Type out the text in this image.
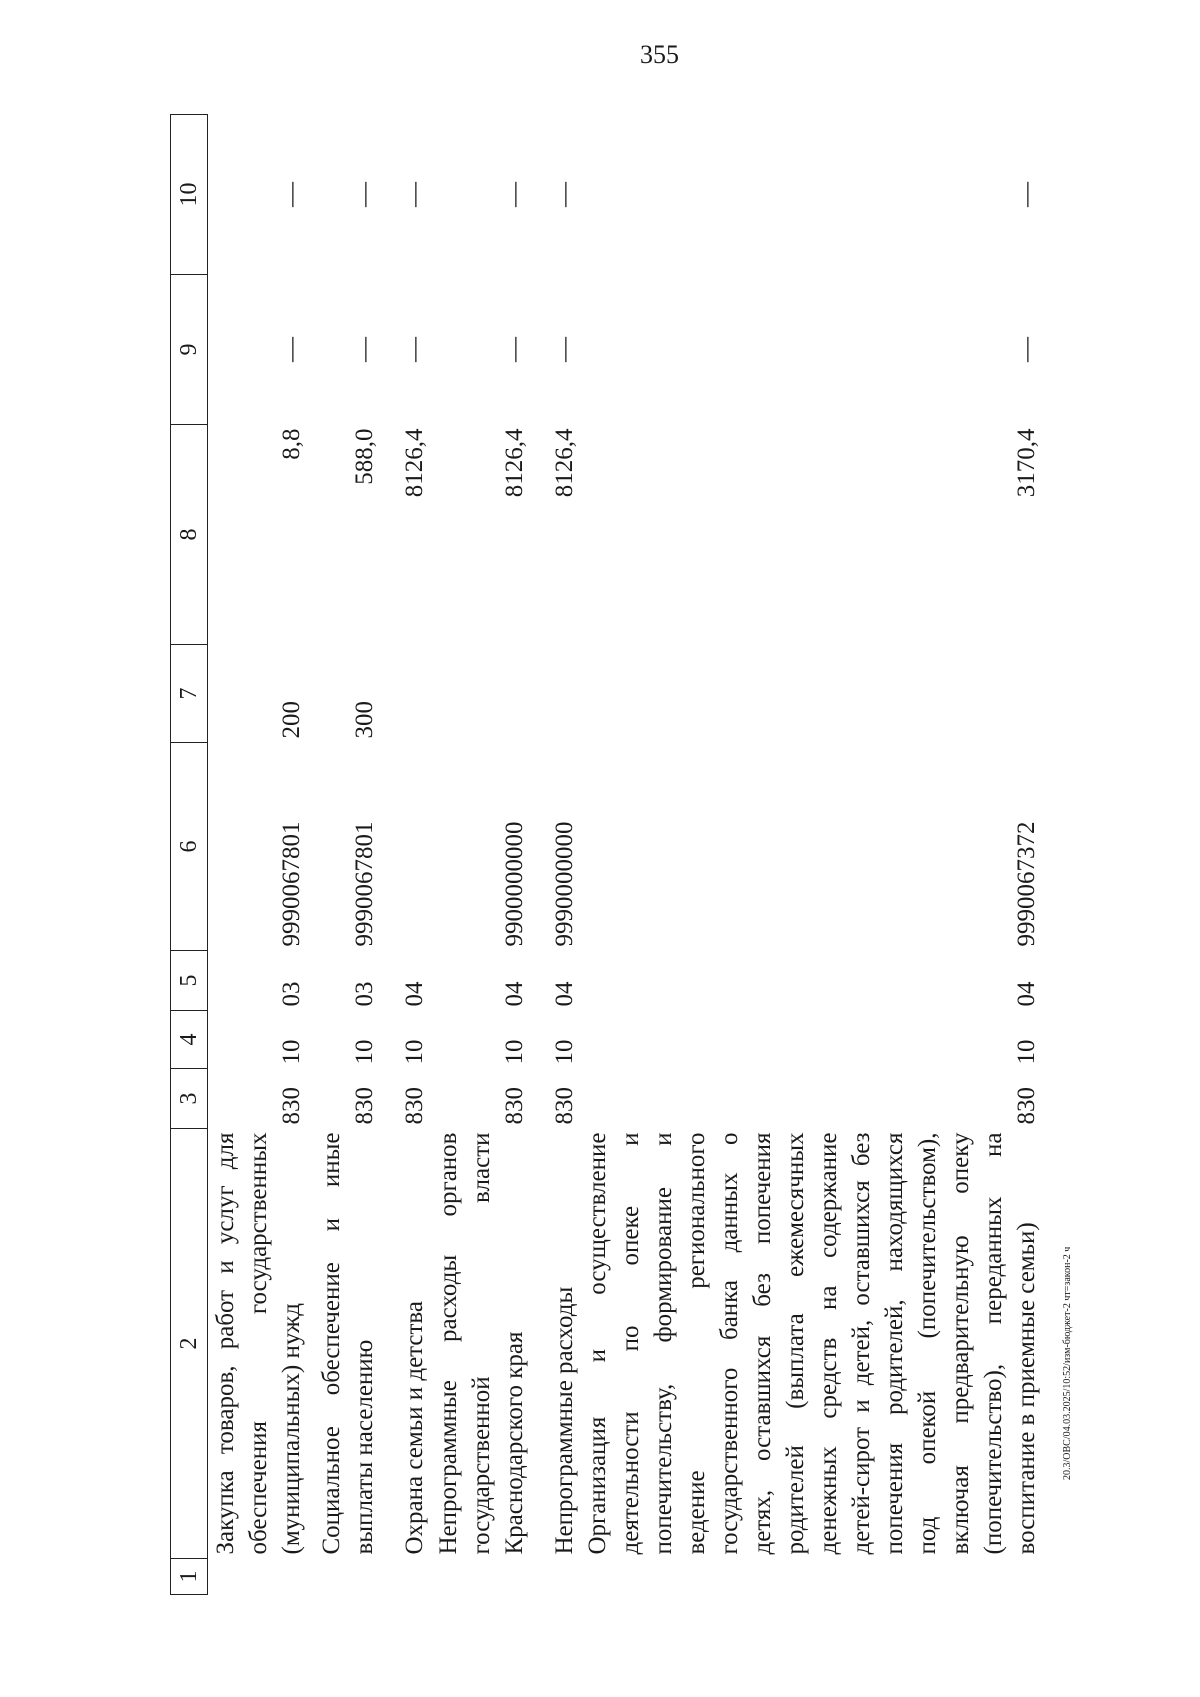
355
1	2	3	4	5	6	7	8	9	10
	Закупка товаров, работ и услуг для обеспечения государственных (муниципальных) нужд	830	10	03	9990067801	200	8,8	—	—
	Социальное обеспечение и иные выплаты населению	830	10	03	9990067801	300	588,0	—	—
	Охрана семьи и детства	830	10	04			8126,4	—	—
	Непрограммные расходы органов государственной власти Краснодарского края	830	10	04	9900000000		8126,4	—	—
	Непрограммные расходы	830	10	04	9990000000		8126,4	—	—
	Организация и осуществление деятельности по опеке и попечительству, формирование и ведение регионального государственного банка данных о детях, оставшихся без попечения родителей (выплата ежемесячных денежных средств на содержание детей-сирот и детей, оставшихся без попечения родителей, находящихся под опекой (попечительством), включая предварительную опеку (попечительство), переданных на воспитание в приемные семьи)	830	10	04	9990067372		3170,4	—	—
20.3/ОВС/04.03.2025/10:52/изм-бюджет-2 чт=закон-2 ч
